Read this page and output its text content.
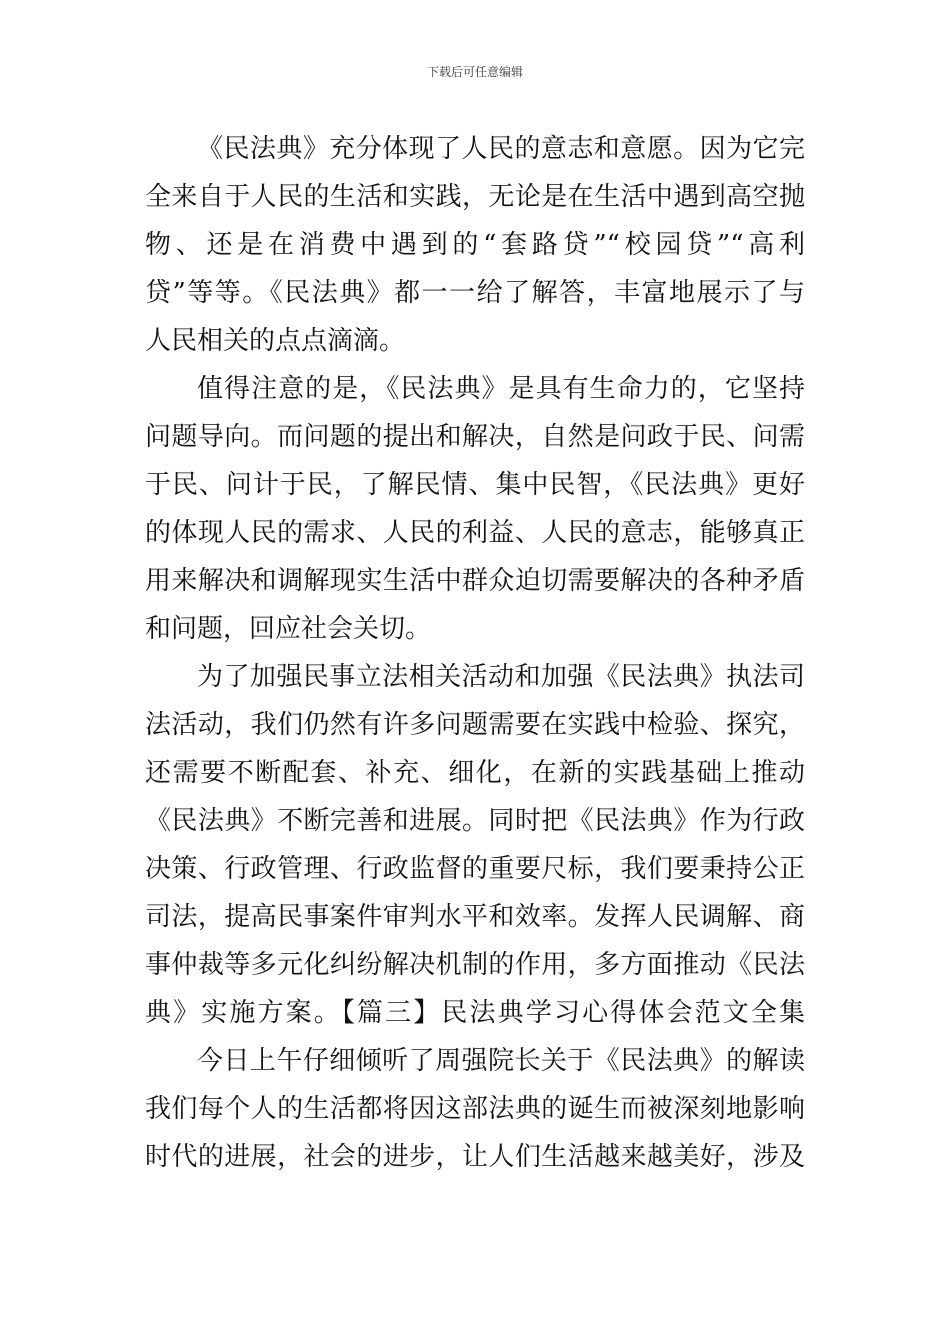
下载后可任意编辑
《民法典》充分体现了人民的意志和意愿。因为它完
全来自于人民的生活和实践，无论是在生活中遇到高空抛
物、还是在消费中遇到的“套路贷”“校园贷”“高利
贷”等等。《民法典》都一一给了解答，丰富地展示了与
人民相关的点点滴滴。
值得注意的是，《民法典》是具有生命力的，它坚持
问题导向。而问题的提出和解决，自然是问政于民、问需
于民、问计于民，了解民情、集中民智，《民法典》更好
的体现人民的需求、人民的利益、人民的意志，能够真正
用来解决和调解现实生活中群众迫切需要解决的各种矛盾
和问题，回应社会关切。
为了加强民事立法相关活动和加强《民法典》执法司
法活动，我们仍然有许多问题需要在实践中检验、探究，
还需要不断配套、补充、细化，在新的实践基础上推动
《民法典》不断完善和进展。同时把《民法典》作为行政
决策、行政管理、行政监督的重要尺标，我们要秉持公正
司法，提高民事案件审判水平和效率。发挥人民调解、商
事仲裁等多元化纠纷解决机制的作用，多方面推动《民法
典》实施方案。【篇三】民法典学习心得体会范文全集
今日上午仔细倾听了周强院长关于《民法典》的解读
我们每个人的生活都将因这部法典的诞生而被深刻地影响
时代的进展，社会的进步，让人们生活越来越美好，涉及
